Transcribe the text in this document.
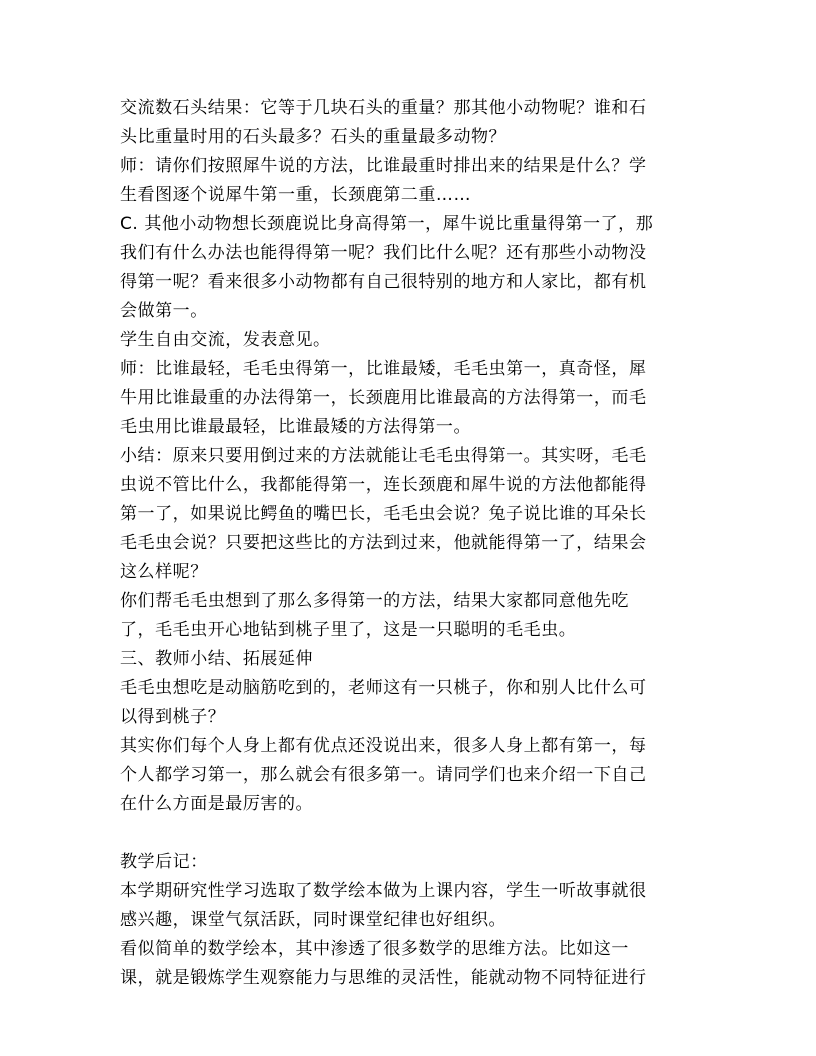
交流数石头结果：它等于几块石头的重量？那其他小动物呢？谁和石
头比重量时用的石头最多？石头的重量最多动物？
师：请你们按照犀牛说的方法，比谁最重时排出来的结果是什么？学
生看图逐个说犀牛第一重，长颈鹿第二重……
C. 其他小动物想长颈鹿说比身高得第一，犀牛说比重量得第一了，那
我们有什么办法也能得得第一呢？我们比什么呢？还有那些小动物没
得第一呢？看来很多小动物都有自己很特别的地方和人家比，都有机
会做第一。
学生自由交流，发表意见。
师：比谁最轻，毛毛虫得第一，比谁最矮，毛毛虫第一，真奇怪，犀
牛用比谁最重的办法得第一，长颈鹿用比谁最高的方法得第一，而毛
毛虫用比谁最最轻，比谁最矮的方法得第一。
小结：原来只要用倒过来的方法就能让毛毛虫得第一。其实呀，毛毛
虫说不管比什么，我都能得第一，连长颈鹿和犀牛说的方法他都能得
第一了，如果说比鳄鱼的嘴巴长，毛毛虫会说？兔子说比谁的耳朵长
毛毛虫会说？只要把这些比的方法到过来，他就能得第一了，结果会
这么样呢？
你们帮毛毛虫想到了那么多得第一的方法，结果大家都同意他先吃
了，毛毛虫开心地钻到桃子里了，这是一只聪明的毛毛虫。
三、教师小结、拓展延伸
毛毛虫想吃是动脑筋吃到的，老师这有一只桃子，你和别人比什么可
以得到桃子？
其实你们每个人身上都有优点还没说出来，很多人身上都有第一，每
个人都学习第一，那么就会有很多第一。请同学们也来介绍一下自己
在什么方面是最厉害的。
教学后记：
本学期研究性学习选取了数学绘本做为上课内容，学生一听故事就很
感兴趣，课堂气氛活跃，同时课堂纪律也好组织。
看似简单的数学绘本，其中渗透了很多数学的思维方法。比如这一
课，就是锻炼学生观察能力与思维的灵活性，能就动物不同特征进行
